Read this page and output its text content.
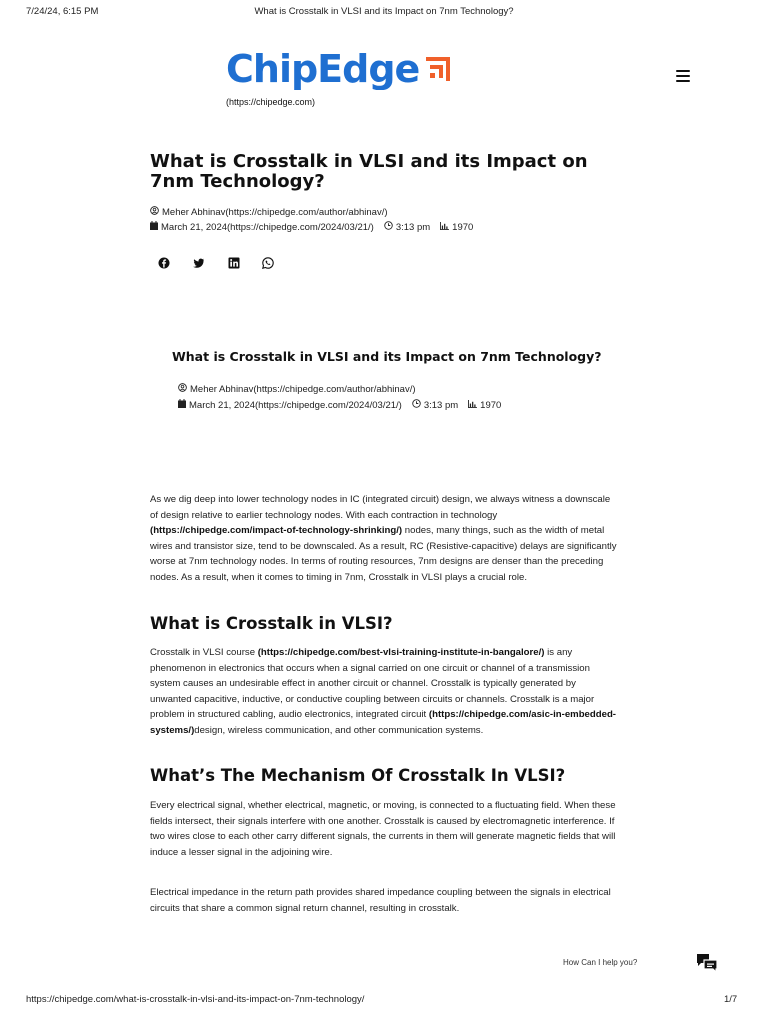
7/24/24, 6:15 PM	What is Crosstalk in VLSI and its Impact on 7nm Technology?
ChipEdge
(https://chipedge.com)
What is Crosstalk in VLSI and its Impact on 7nm Technology?
Meher Abhinav(https://chipedge.com/author/abhinav/)
March 21, 2024(https://chipedge.com/2024/03/21/) 3:13 pm 1970
What is Crosstalk in VLSI and its Impact on 7nm Technology?
Meher Abhinav(https://chipedge.com/author/abhinav/)
March 21, 2024(https://chipedge.com/2024/03/21/) 3:13 pm 1970

As we dig deep into lower technology nodes in IC (integrated circuit) design, we always witness a downscale of design relative to earlier technology nodes. With each contraction in technology (https://chipedge.com/impact-of-technology-shrinking/) nodes, many things, such as the width of metal wires and transistor size, tend to be downscaled. As a result, RC (Resistive-capacitive) delays are significantly worse at 7nm technology nodes. In terms of routing resources, 7nm designs are denser than the preceding nodes. As a result, when it comes to timing in 7nm, Crosstalk in VLSI plays a crucial role.

What is Crosstalk in VLSI?

Crosstalk in VLSI course (https://chipedge.com/best-vlsi-training-institute-in-bangalore/) is any phenomenon in electronics that occurs when a signal carried on one circuit or channel of a transmission system causes an undesirable effect in another circuit or channel. Crosstalk is typically generated by unwanted capacitive, inductive, or conductive coupling between circuits or channels. Crosstalk is a major problem in structured cabling, audio electronics, integrated circuit (https://chipedge.com/asic-in-embedded-systems/)design, wireless communication, and other communication systems.

What’s The Mechanism Of Crosstalk In VLSI?

Every electrical signal, whether electrical, magnetic, or moving, is connected to a fluctuating field. When these fields intersect, their signals interfere with one another. Crosstalk is caused by electromagnetic interference. If two wires close to each other carry different signals, the currents in them will generate magnetic fields that will induce a lesser signal in the adjoining wire.

Electrical impedance in the return path provides shared impedance coupling between the signals in electrical circuits that share a common signal return channel, resulting in crosstalk.

How Can I help you?
https://chipedge.com/what-is-crosstalk-in-vlsi-and-its-impact-on-7nm-technology/	1/7
